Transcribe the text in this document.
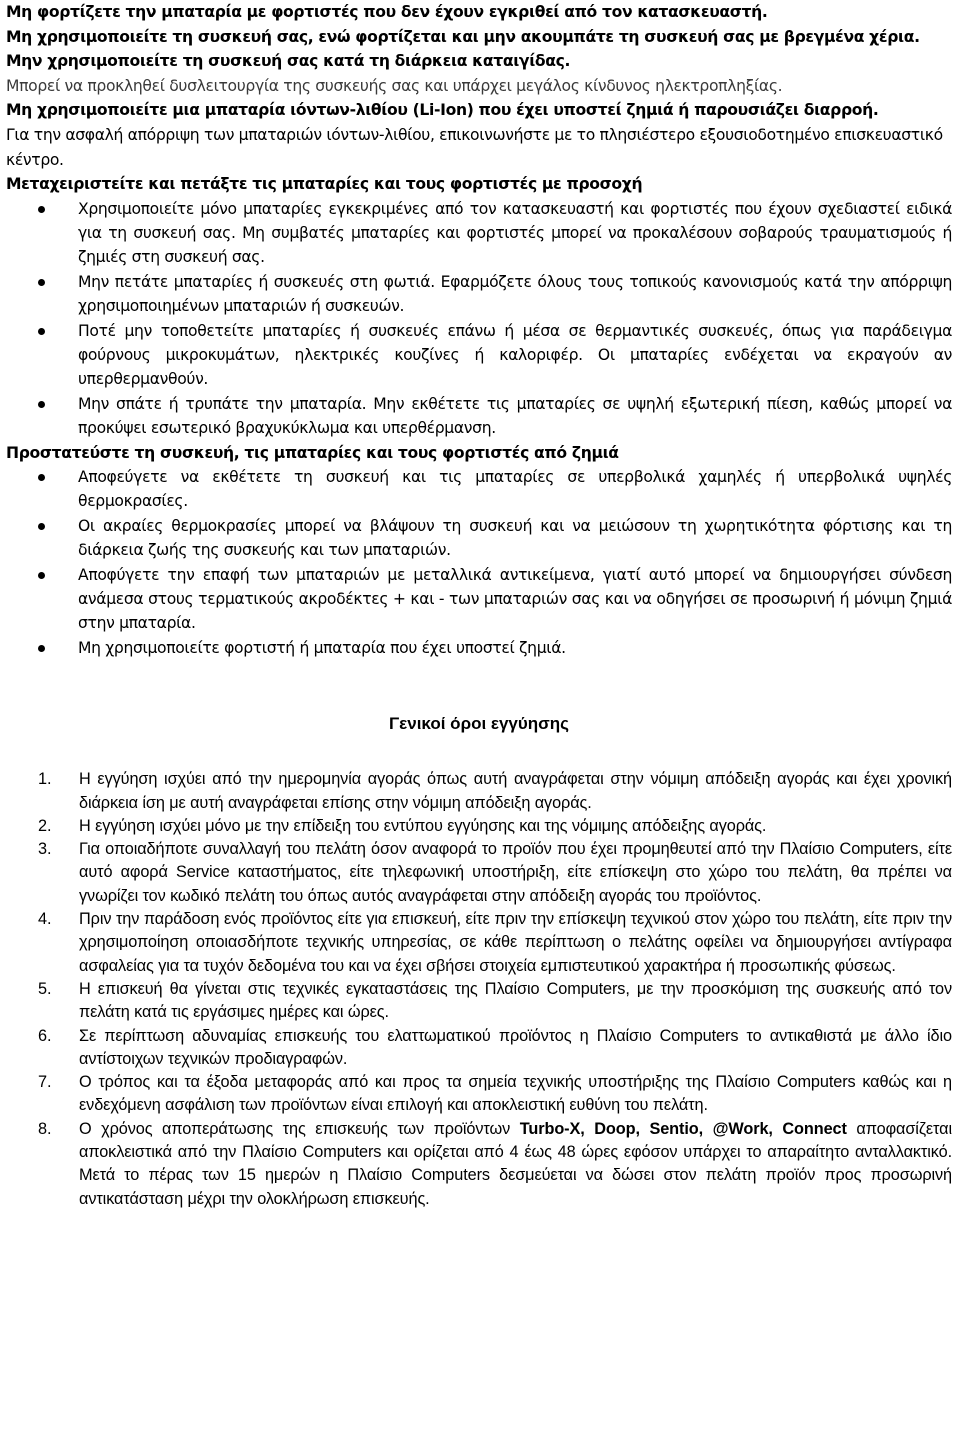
Μη φορτίζετε την μπαταρία με φορτιστές που δεν έχουν εγκριθεί από τον κατασκευαστή.

Μη χρησιμοποιείτε τη συσκευή σας, ενώ φορτίζεται και μην ακουμπάτε τη συσκευή σας με βρεγμένα χέρια.

Μην χρησιμοποιείτε τη συσκευή σας κατά τη διάρκεια καταιγίδας.

Μπορεί να προκληθεί δυσλειτουργία της συσκευής σας και υπάρχει μεγάλος κίνδυνος ηλεκτροπληξίας.

Μη χρησιμοποιείτε μια μπαταρία ιόντων-λιθίου (Li-Ion) που έχει υποστεί ζημιά ή παρουσιάζει διαρροή.

Για την ασφαλή απόρριψη των μπαταριών ιόντων-λιθίου, επικοινωνήστε με το πλησιέστερο εξουσιοδοτημένο επισκευαστικό κέντρο.

Μεταχειριστείτε και πετάξτε τις μπαταρίες και τους φορτιστές με προσοχή

Χρησιμοποιείτε μόνο μπαταρίες εγκεκριμένες από τον κατασκευαστή και φορτιστές που έχουν σχεδιαστεί ειδικά για τη συσκευή σας. Μη συμβατές μπαταρίες και φορτιστές μπορεί να προκαλέσουν σοβαρούς τραυματισμούς ή ζημιές στη συσκευή σας.
Μην πετάτε μπαταρίες ή συσκευές στη φωτιά. Εφαρμόζετε όλους τους τοπικούς κανονισμούς κατά την απόρριψη χρησιμοποιημένων μπαταριών ή συσκευών.
Ποτέ μην τοποθετείτε μπαταρίες ή συσκευές επάνω ή μέσα σε θερμαντικές συσκευές, όπως για παράδειγμα φούρνους μικροκυμάτων, ηλεκτρικές κουζίνες ή καλοριφέρ. Οι μπαταρίες ενδέχεται να εκραγούν αν υπερθερμανθούν.
Μην σπάτε ή τρυπάτε την μπαταρία. Μην εκθέτετε τις μπαταρίες σε υψηλή εξωτερική πίεση, καθώς μπορεί να προκύψει εσωτερικό βραχυκύκλωμα και υπερθέρμανση.

Προστατεύστε τη συσκευή, τις μπαταρίες και τους φορτιστές από ζημιά

Αποφεύγετε να εκθέτετε τη συσκευή και τις μπαταρίες σε υπερβολικά χαμηλές ή υπερβολικά υψηλές θερμοκρασίες.
Οι ακραίες θερμοκρασίες μπορεί να βλάψουν τη συσκευή και να μειώσουν τη χωρητικότητα φόρτισης και τη διάρκεια ζωής της συσκευής και των μπαταριών.
Αποφύγετε την επαφή των μπαταριών με μεταλλικά αντικείμενα, γιατί αυτό μπορεί να δημιουργήσει σύνδεση ανάμεσα στους τερματικούς ακροδέκτες + και - των μπαταριών σας και να οδηγήσει σε προσωρινή ή μόνιμη ζημιά στην μπαταρία.
Μη χρησιμοποιείτε φορτιστή ή μπαταρία που έχει υποστεί ζημιά.
Γενικοί όροι εγγύησης
1. Η εγγύηση ισχύει από την ημερομηνία αγοράς όπως αυτή αναγράφεται στην νόμιμη απόδειξη αγοράς και έχει χρονική διάρκεια ίση με αυτή αναγράφεται επίσης στην νόμιμη απόδειξη αγοράς.
2. Η εγγύηση ισχύει μόνο με την επίδειξη του εντύπου εγγύησης και της νόμιμης απόδειξης αγοράς.
3. Για οποιαδήποτε συναλλαγή του πελάτη όσον αναφορά το προϊόν που έχει προμηθευτεί από την Πλαίσιο Computers, είτε αυτό αφορά Service καταστήματος, είτε τηλεφωνική υποστήριξη, είτε επίσκεψη στο χώρο του πελάτη, θα πρέπει να γνωρίζει τον κωδικό πελάτη του όπως αυτός αναγράφεται στην απόδειξη αγοράς του προϊόντος.
4. Πριν την παράδοση ενός προϊόντος είτε για επισκευή, είτε πριν την επίσκεψη τεχνικού στον χώρο του πελάτη, είτε πριν την χρησιμοποίηση οποιασδήποτε τεχνικής υπηρεσίας, σε κάθε περίπτωση ο πελάτης οφείλει να δημιουργήσει αντίγραφα ασφαλείας για τα τυχόν δεδομένα του και να έχει σβήσει στοιχεία εμπιστευτικού χαρακτήρα ή προσωπικής φύσεως.
5. Η επισκευή θα γίνεται στις τεχνικές εγκαταστάσεις της Πλαίσιο Computers, με την προσκόμιση της συσκευής από τον πελάτη κατά τις εργάσιμες ημέρες και ώρες.
6. Σε περίπτωση αδυναμίας επισκευής του ελαττωματικού προϊόντος η Πλαίσιο Computers το αντικαθιστά με άλλο ίδιο αντίστοιχων τεχνικών προδιαγραφών.
7. Ο τρόπος και τα έξοδα μεταφοράς από και προς τα σημεία τεχνικής υποστήριξης της Πλαίσιο Computers καθώς και η ενδεχόμενη ασφάλιση των προϊόντων είναι επιλογή και αποκλειστική ευθύνη του πελάτη.
8. Ο χρόνος αποπεράτωσης της επισκευής των προϊόντων Turbo-X, Doop, Sentio, @Work, Connect αποφασίζεται αποκλειστικά από την Πλαίσιο Computers και ορίζεται από 4 έως 48 ώρες εφόσον υπάρχει το απαραίτητο ανταλλακτικό. Μετά το πέρας των 15 ημερών η Πλαίσιο Computers δεσμεύεται να δώσει στον πελάτη προϊόν προς προσωρινή αντικατάσταση μέχρι την ολοκλήρωση επισκευής.
